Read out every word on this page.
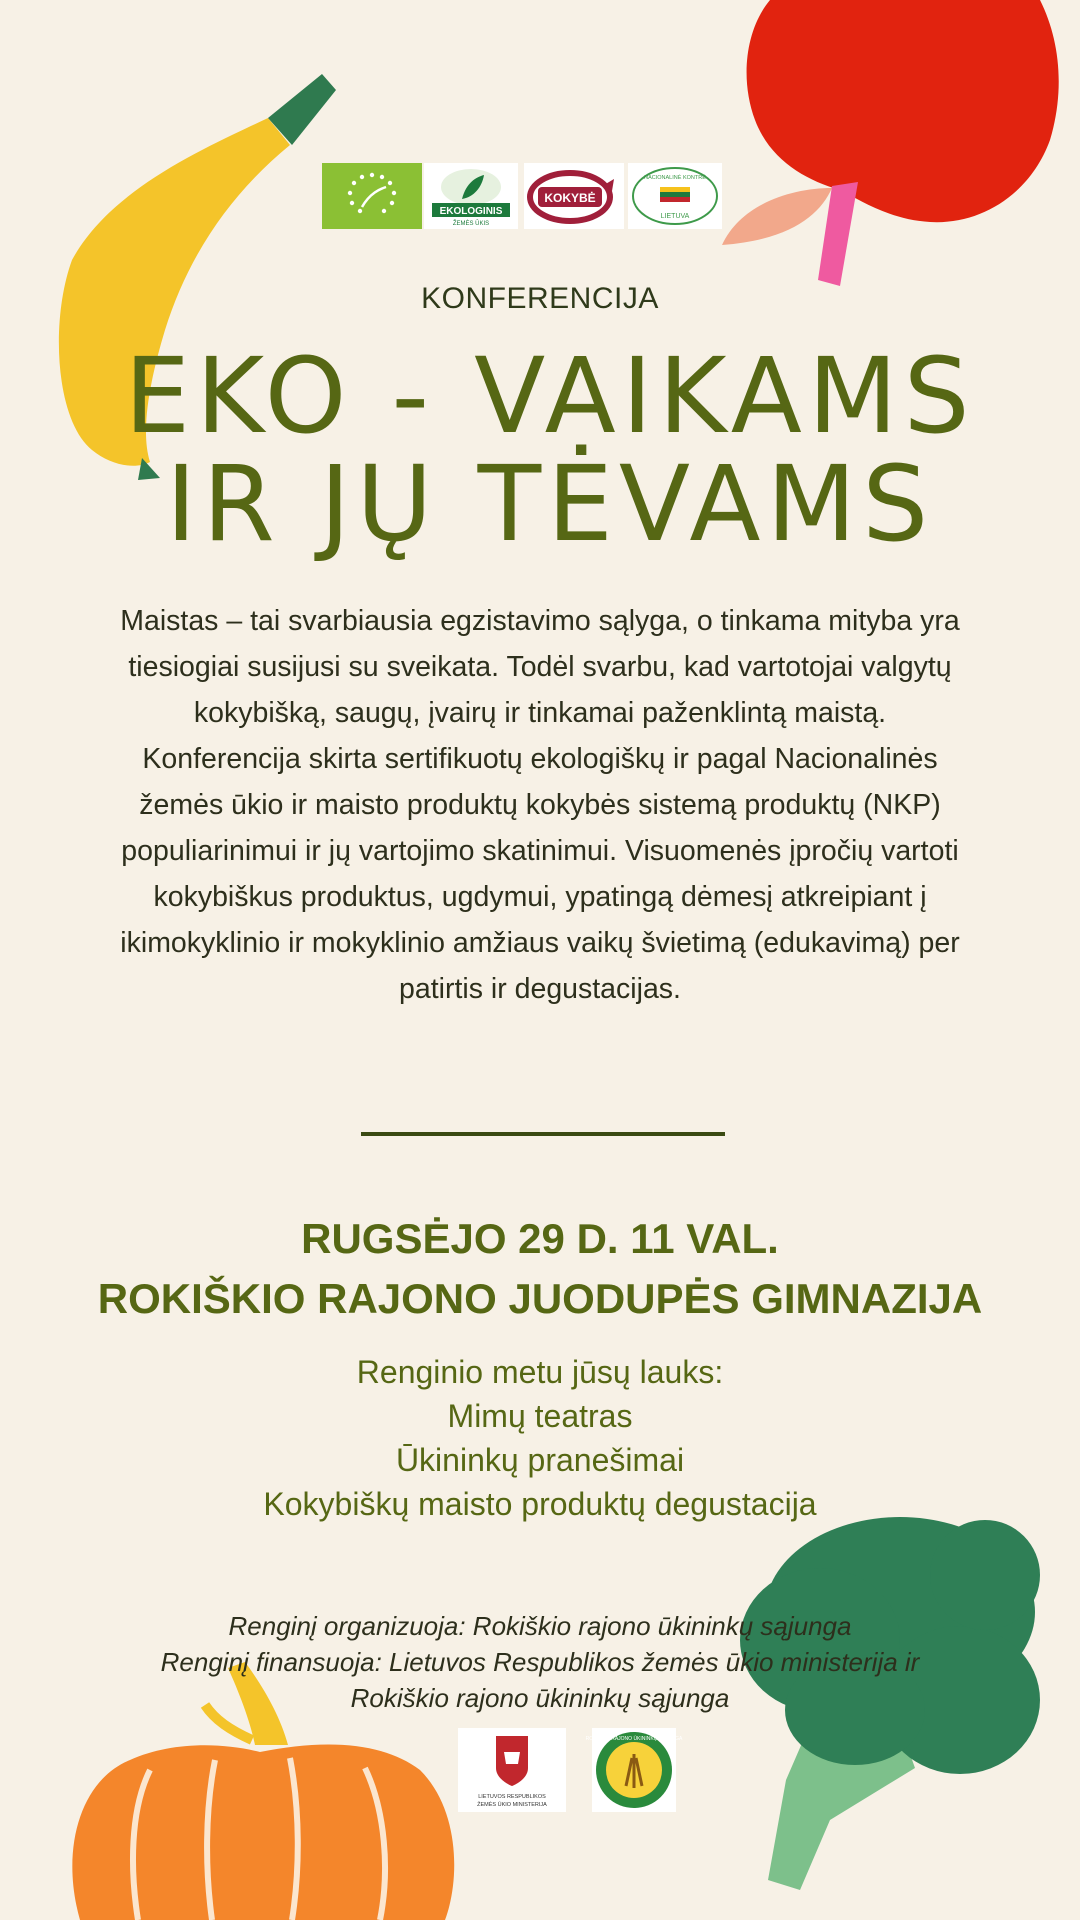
EKOLOGINIS
ŽEMĖS ŪKIS
KOKYBĖ
NACIONALINĖ KONTRĖ
LIETUVA
KONFERENCIJA
EKO - VAIKAMS
IR JŲ TĖVAMS

Maistas – tai svarbiausia egzistavimo sąlyga, o tinkama mityba yra tiesiogiai susijusi su sveikata. Todėl svarbu, kad vartotojai valgytų kokybišką, saugų, įvairų ir tinkamai paženklintą maistą.

Konferencija skirta sertifikuotų ekologiškų ir pagal Nacionalinės žemės ūkio ir maisto produktų kokybės sistemą produktų (NKP) populiarinimui ir jų vartojimo skatinimui. Visuomenės įpročių vartoti kokybiškus produktus, ugdymui, ypatingą dėmesį atkreipiant į ikimokyklinio ir mokyklinio amžiaus vaikų švietimą (edukavimą) per patirtis ir degustacijas.

RUGSĖJO 29 D. 11 VAL.
ROKIŠKIO RAJONO JUODUPĖS GIMNAZIJA
Renginio metu jūsų lauks:
Mimų teatras
Ūkininkų pranešimai
Kokybiškų maisto produktų degustacija
Renginį organizuoja: Rokiškio rajono ūkininkų sąjunga
Renginį finansuoja: Lietuvos Respublikos žemės ūkio ministerija ir
Rokiškio rajono ūkininkų sąjunga
LIETUVOS RESPUBLIKOS
ŽEMĖS ŪKIO MINISTERIJA
ROKIŠKIO RAJONO ŪKININKŲ SĄJUNGA
